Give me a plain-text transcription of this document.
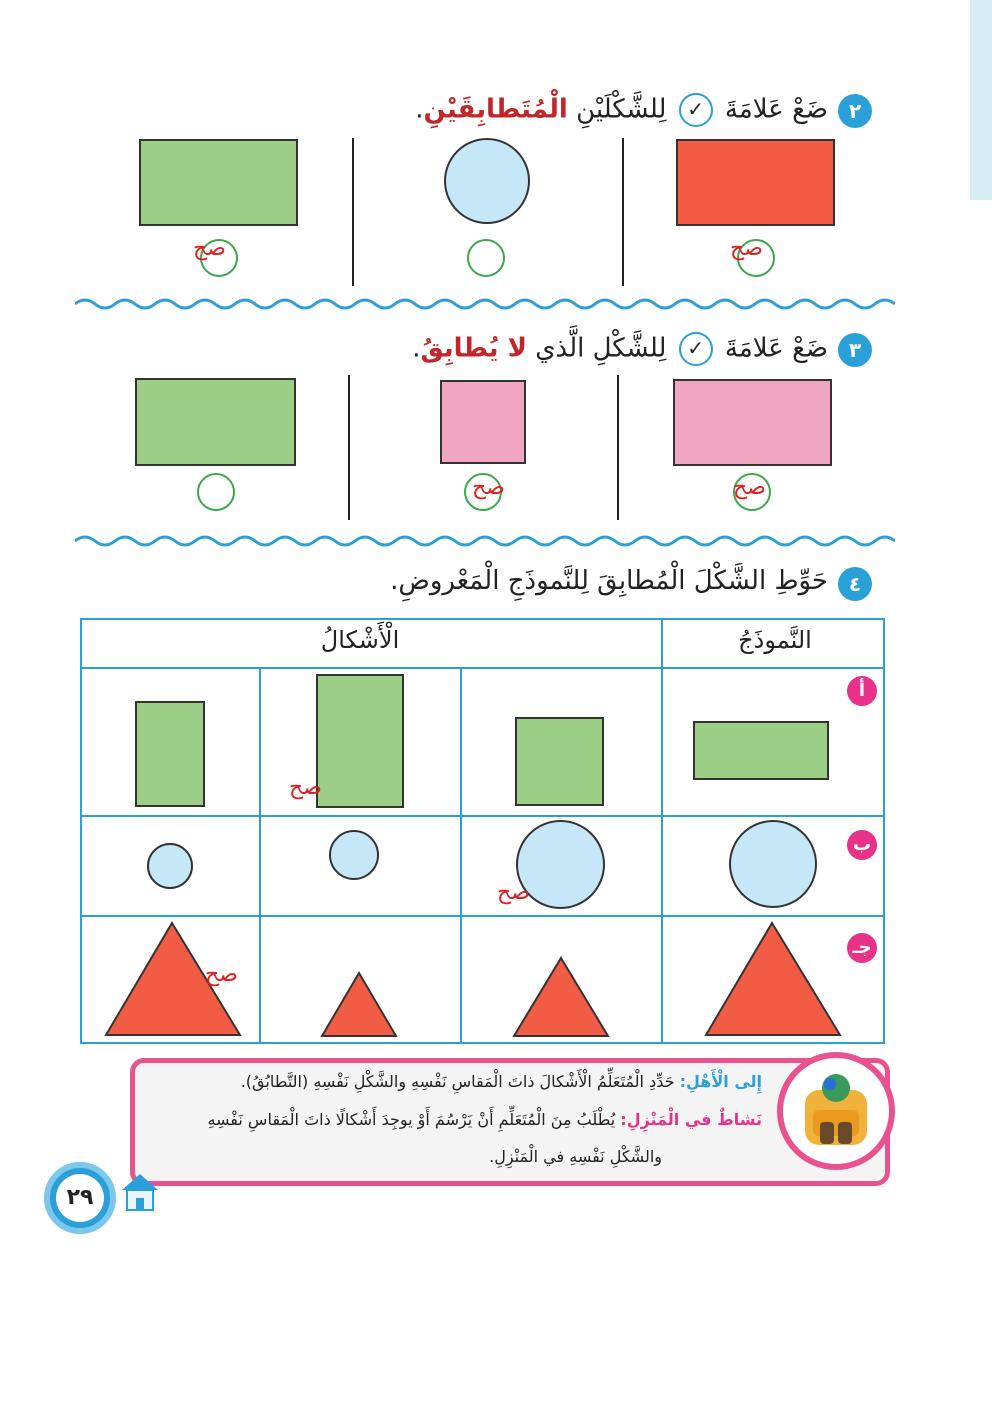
٢
ضَعْ عَلامَةَ ✓ لِلشَّكْلَيْنِ الْمُتَطابِقَيْنِ.
صح	صح
٣
ضَعْ عَلامَةَ ✓ لِلشَّكْلِ الَّذي لا يُطابِقُ.
صح	صح
٤
حَوِّطِ الشَّكْلَ الْمُطابِقَ لِلنَّموذَجِ الْمَعْروضِ.
النَّموذَجُ
الْأَشْكالُ
أ
صح
ب
صح
جـ
صح
إِلى الْأَهْلِ: حَدِّدِ الْمُتَعَلِّمُ الْأَشْكالَ ذاتَ الْمَقاسِ نَفْسِهِ والشَّكْلِ نَفْسِهِ (التَّطابُقُ).
نَشاطٌ في الْمَنْزِلِ: يُطْلَبُ مِنَ الْمُتَعَلِّمِ أَنْ يَرْسُمَ أَوْ يوجِدَ أَشْكالًا ذاتَ الْمَقاسِ نَفْسِهِ
والشَّكْلِ نَفْسِهِ في الْمَنْزِلِ.
٢٩
